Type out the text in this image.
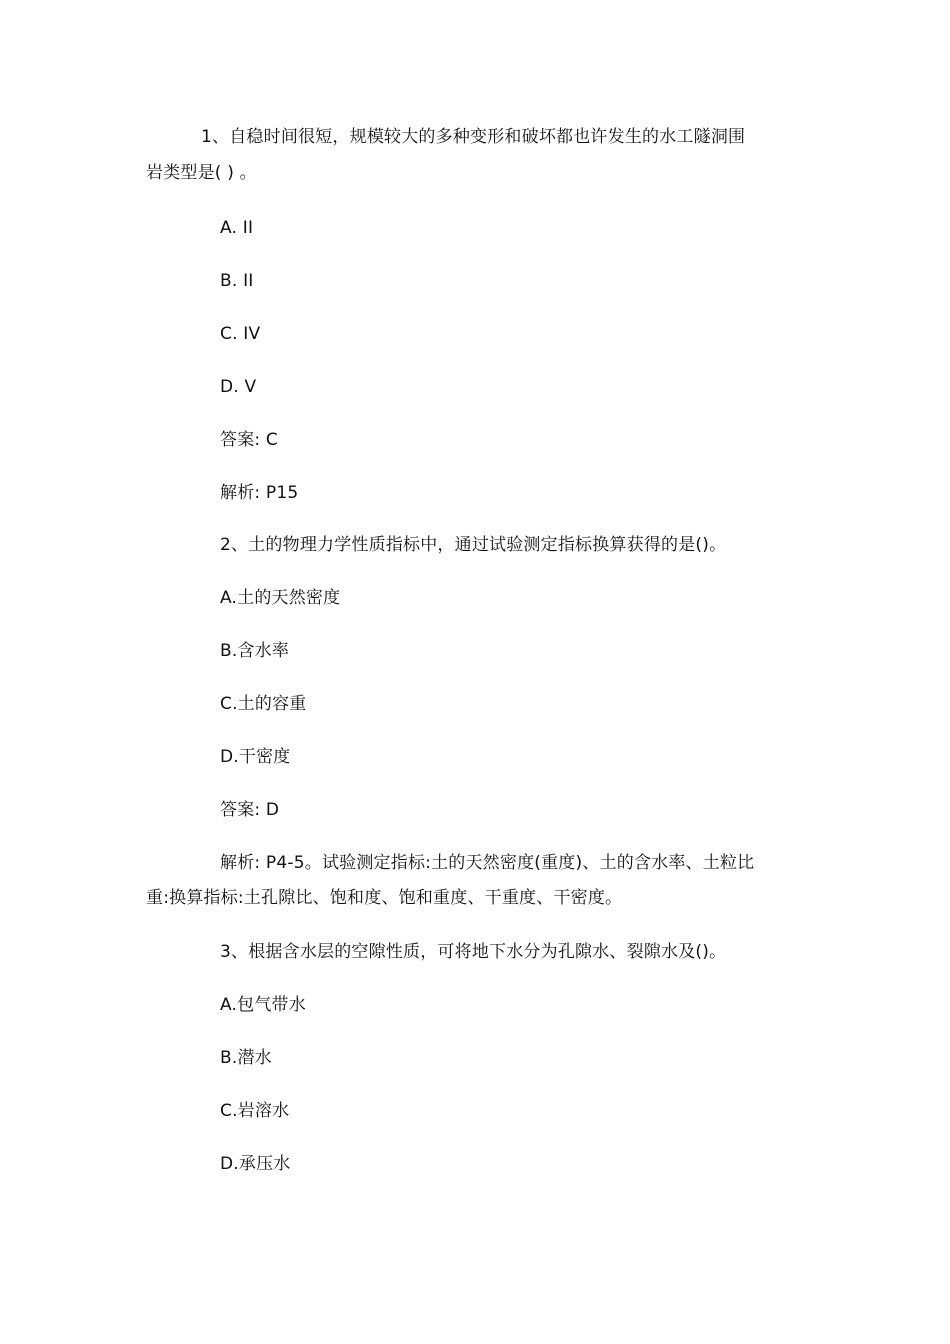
1、自稳时间很短，规模较大的多种变形和破坏都也许发生的水工隧洞围
岩类型是( ) 。
A. II
B. II
C. IV
D. V
答案: C
解析: P15
2、土的物理力学性质指标中，通过试验测定指标换算获得的是()。
A.土的天然密度
B.含水率
C.土的容重
D.干密度
答案: D
解析: P4-5。试验测定指标:土的天然密度(重度)、土的含水率、土粒比
重:换算指标:土孔隙比、饱和度、饱和重度、干重度、干密度。
3、根据含水层的空隙性质，可将地下水分为孔隙水、裂隙水及()。
A.包气带水
B.潜水
C.岩溶水
D.承压水
